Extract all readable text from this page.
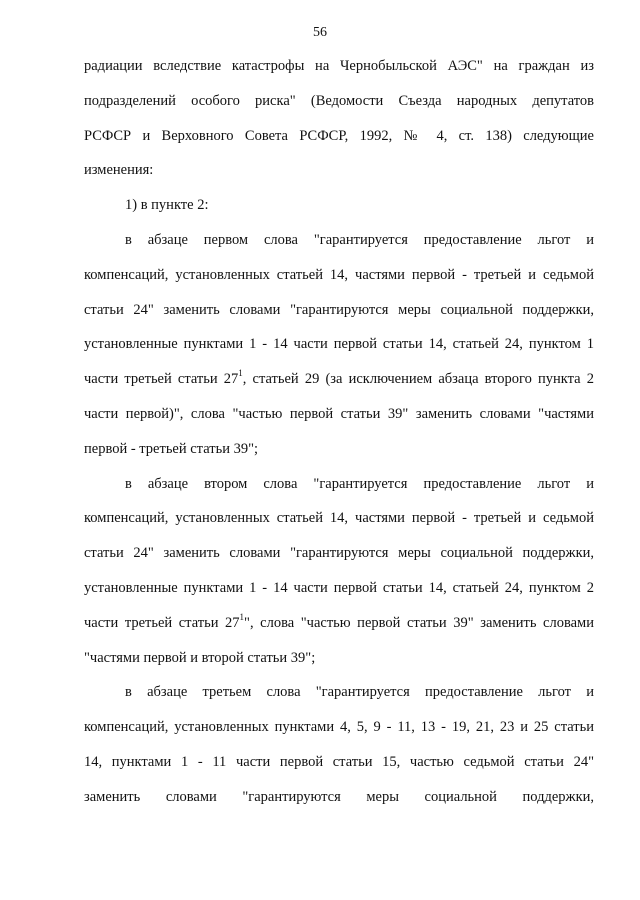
56
радиации вследствие катастрофы на Чернобыльской АЭС" на граждан из
подразделений особого риска" (Ведомости Съезда народных депутатов
РСФСР и Верховного Совета РСФСР, 1992, № 4, ст. 138) следующие
изменения:
1) в пункте 2:
в абзаце первом слова "гарантируется предоставление льгот и
компенсаций, установленных статьей 14, частями первой - третьей и седьмой
статьи 24" заменить словами "гарантируются меры социальной поддержки,
установленные пунктами 1 - 14 части первой статьи 14, статьей 24, пунктом 1
части третьей статьи $27^1$, статьей 29 (за исключением абзаца второго пункта 2
части первой)", слова "частью первой статьи 39" заменить словами "частями
первой - третьей статьи 39";
в абзаце втором слова "гарантируется предоставление льгот и
компенсаций, установленных статьей 14, частями первой - третьей и седьмой
статьи 24" заменить словами "гарантируются меры социальной поддержки,
установленные пунктами 1 - 14 части первой статьи 14, статьей 24, пунктом 2
части третьей статьи $27^1$", слова "частью первой статьи 39" заменить словами
"частями первой и второй статьи 39";
в абзаце третьем слова "гарантируется предоставление льгот и
компенсаций, установленных пунктами 4, 5, 9 - 11, 13 - 19, 21, 23 и 25 статьи
14, пунктами 1 - 11 части первой статьи 15, частью седьмой статьи 24"
заменить словами "гарантируются меры социальной поддержки,
